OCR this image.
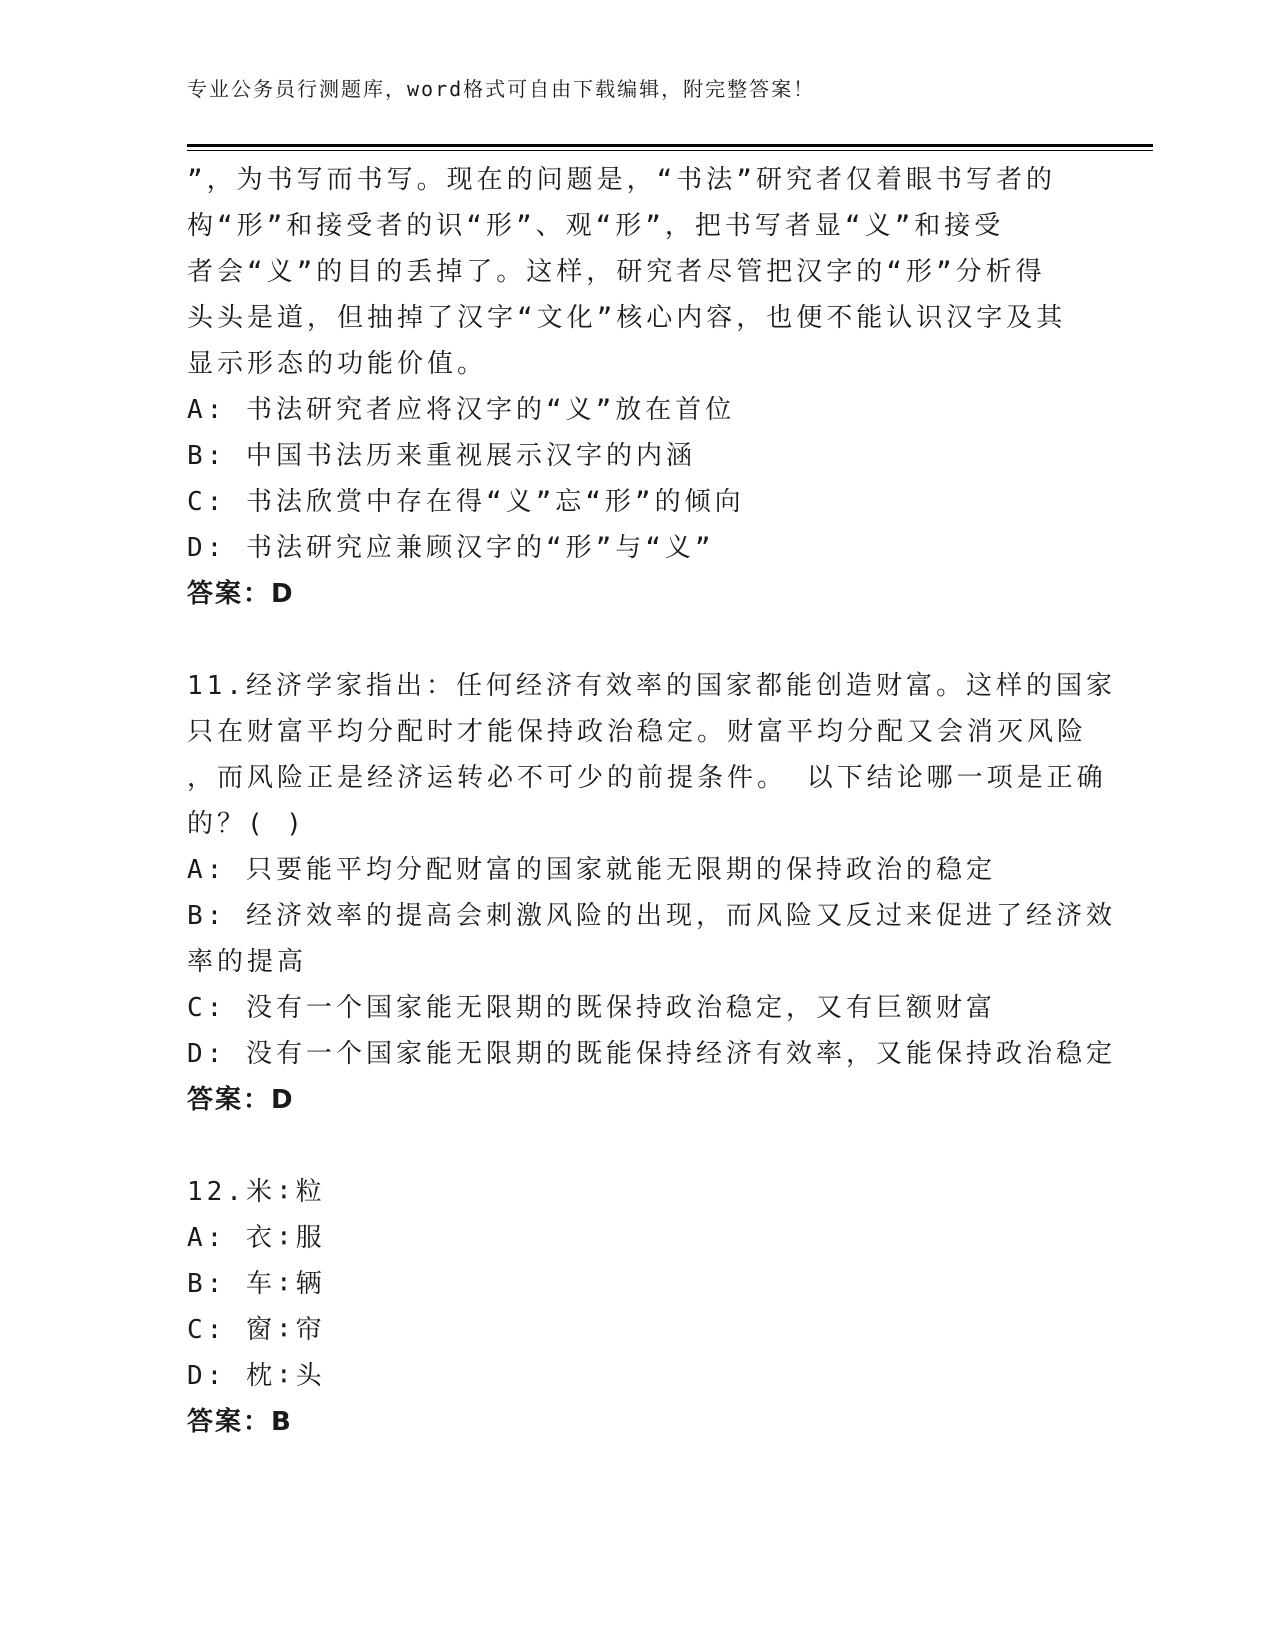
专业公务员行测题库，word格式可自由下载编辑，附完整答案！
”，为书写而书写。现在的问题是，“书法”研究者仅着眼书写者的
构“形”和接受者的识“形”、观“形”，把书写者显“义”和接受
者会“义”的目的丢掉了。这样，研究者尽管把汉字的“形”分析得
头头是道，但抽掉了汉字“文化”核心内容，也便不能认识汉字及其
显示形态的功能价值。
A: 书法研究者应将汉字的“义”放在首位
B: 中国书法历来重视展示汉字的内涵
C: 书法欣赏中存在得“义”忘“形”的倾向
D: 书法研究应兼顾汉字的“形”与“义”
答案：D
11.经济学家指出：任何经济有效率的国家都能创造财富。这样的国家
只在财富平均分配时才能保持政治稳定。财富平均分配又会消灭风险
，而风险正是经济运转必不可少的前提条件。 以下结论哪一项是正确
的？( )
A: 只要能平均分配财富的国家就能无限期的保持政治的稳定
B: 经济效率的提高会刺激风险的出现，而风险又反过来促进了经济效
率的提高
C: 没有一个国家能无限期的既保持政治稳定，又有巨额财富
D: 没有一个国家能无限期的既能保持经济有效率，又能保持政治稳定
答案：D
12.米∶粒
A: 衣∶服
B: 车∶辆
C: 窗∶帘
D: 枕∶头
答案：B
